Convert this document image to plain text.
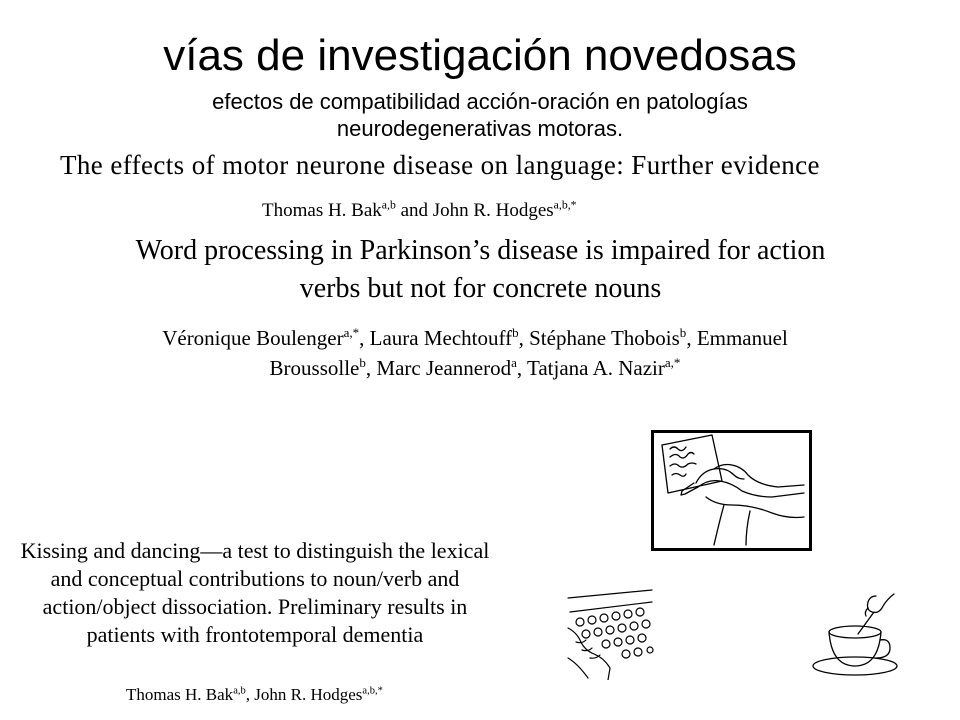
vías de investigación novedosas
efectos de compatibilidad acción-oración en patologías neurodegenerativas motoras.
The effects of motor neurone disease on language: Further evidence
Thomas H. Bak$^{a,b}$ and John R. Hodges$^{a,b,*}$
Word processing in Parkinson’s disease is impaired for action verbs but not for concrete nouns
Véronique Boulenger$^{a,*}$, Laura Mechtouff$^b$, Stéphane Thobois$^b$, Emmanuel Broussolle$^b$, Marc Jeannerod$^a$, Tatjana A. Nazir$^{a,*}$
Kissing and dancing—a test to distinguish the lexical and conceptual contributions to noun/verb and action/object dissociation. Preliminary results in patients with frontotemporal dementia
Thomas H. Bak$^{a,b}$, John R. Hodges$^{a,b,*}$
